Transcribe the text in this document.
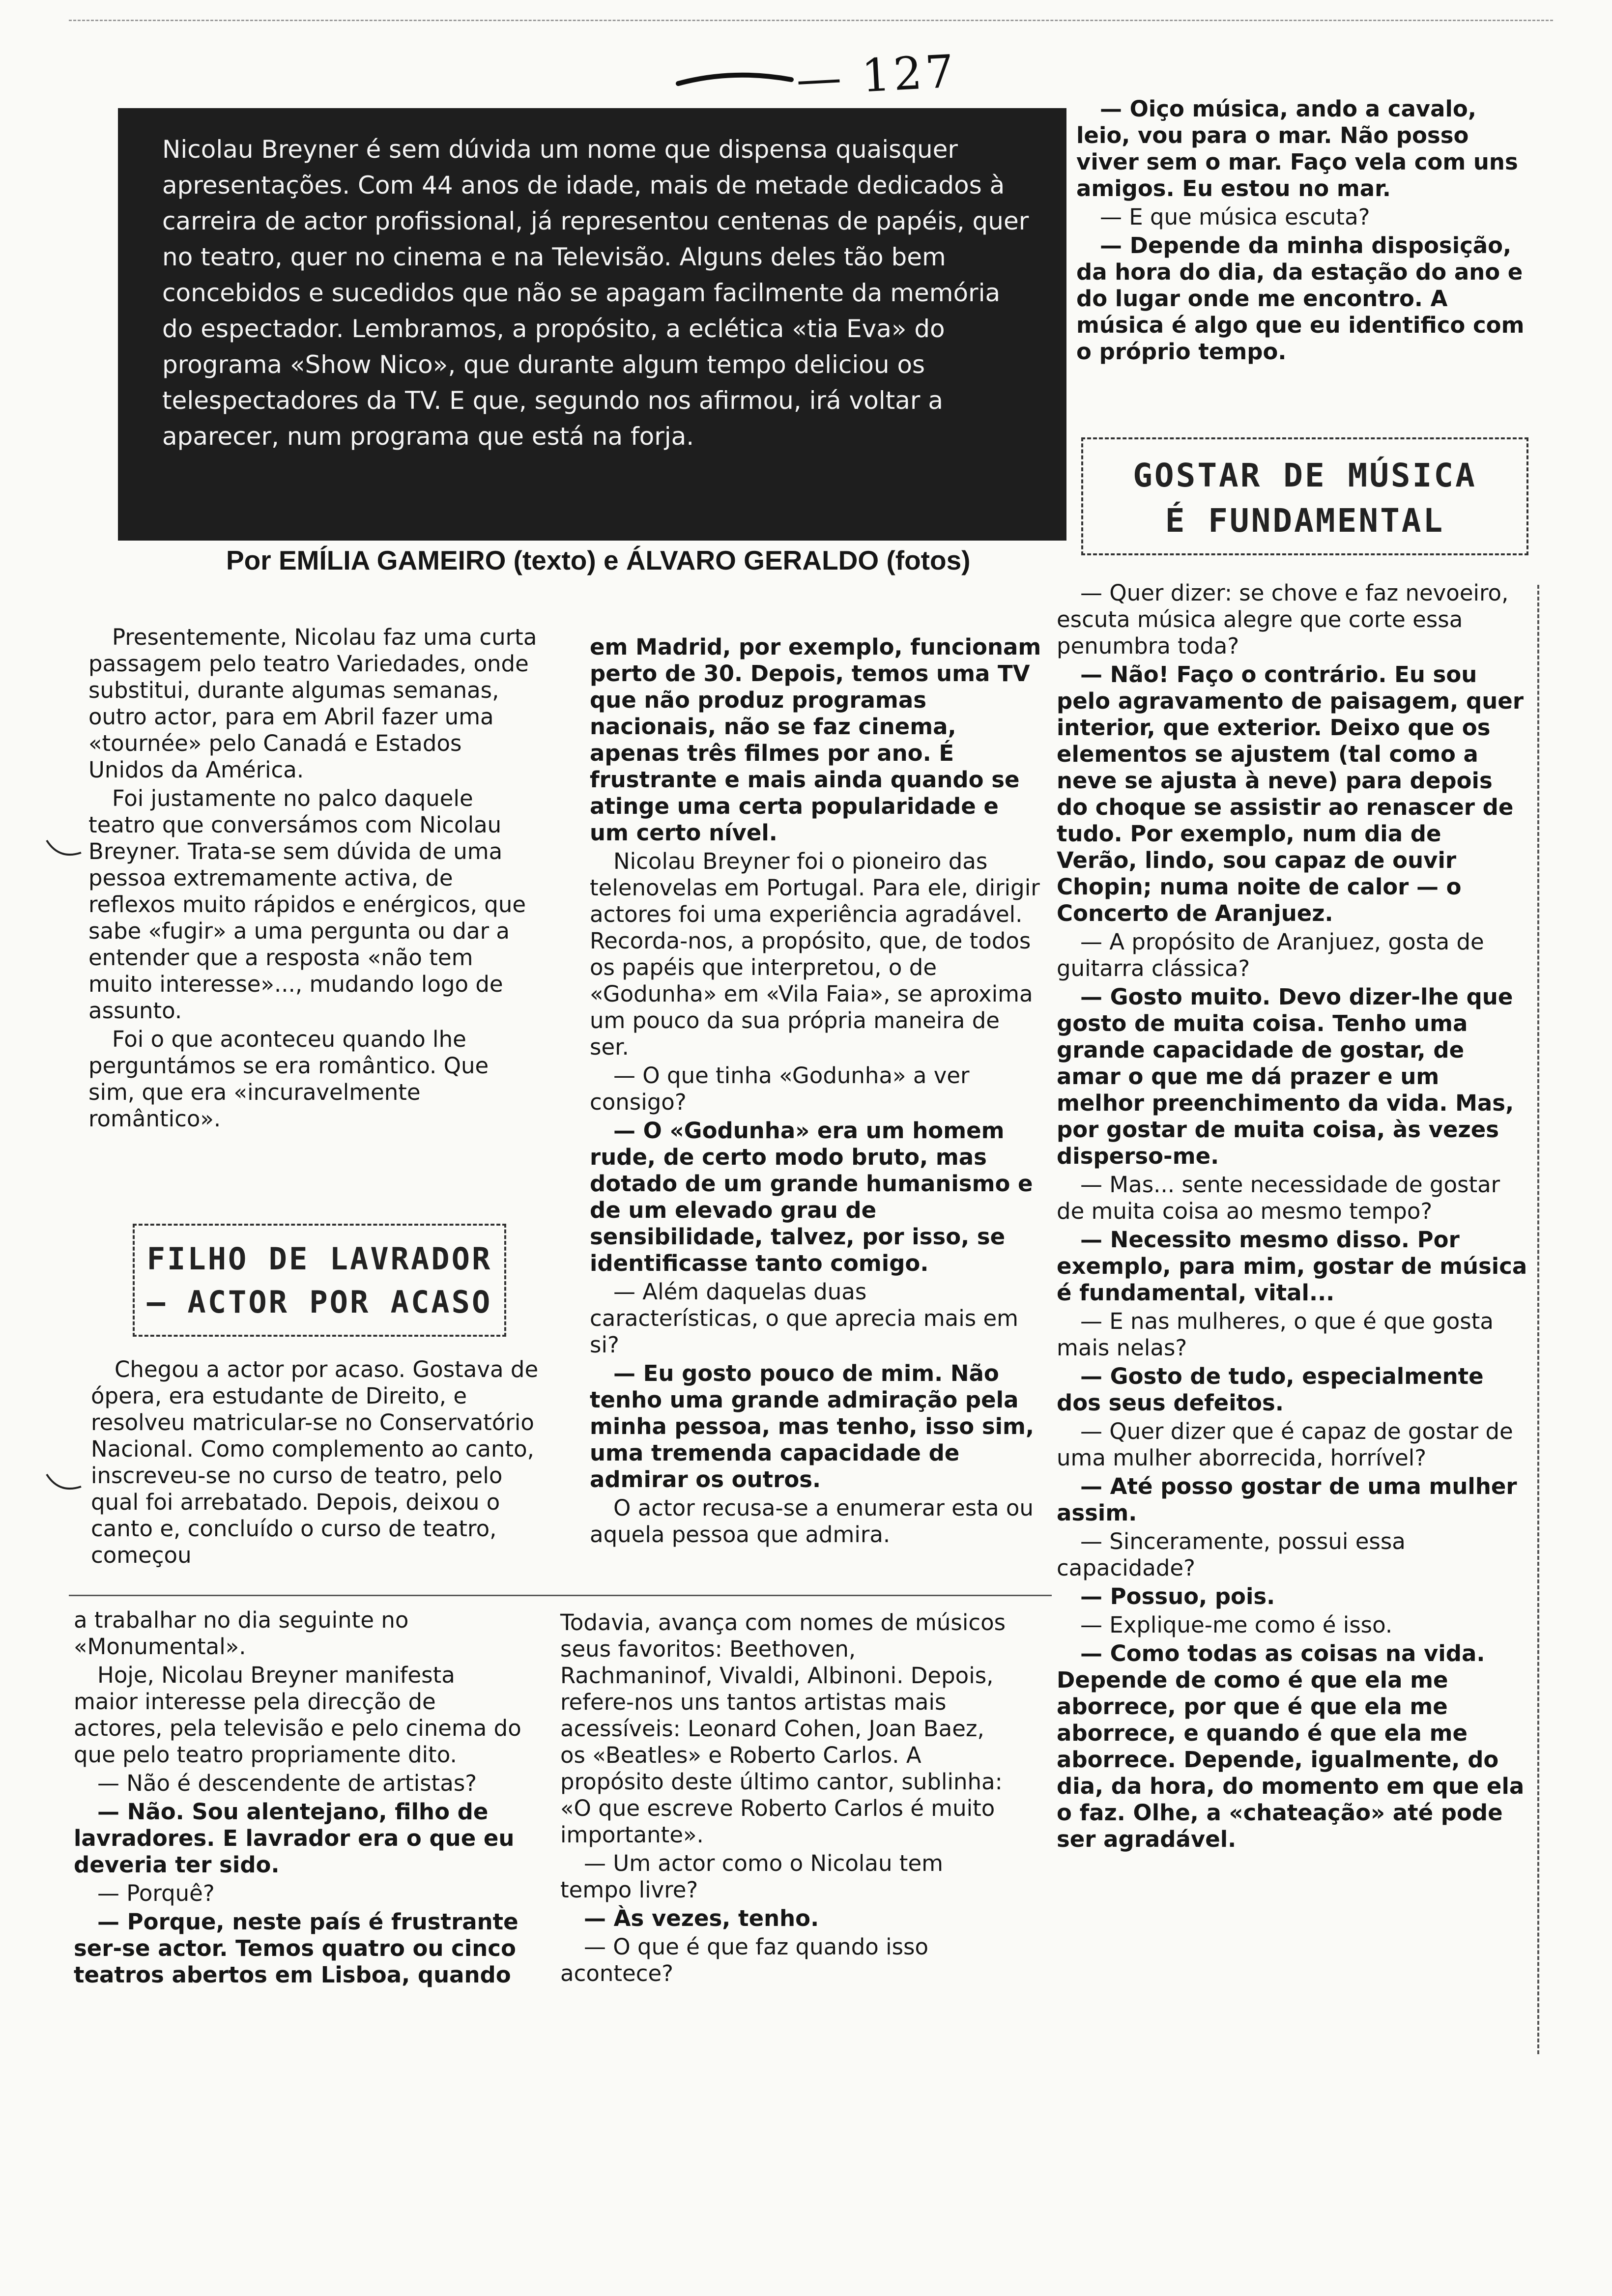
— 127

Nicolau Breyner é sem dúvida um nome que dispensa quaisquer apresentações. Com 44 anos de idade, mais de metade dedicados à carreira de actor profissional, já representou centenas de papéis, quer no teatro, quer no cinema e na Televisão. Alguns deles tão bem concebidos e sucedidos que não se apagam facilmente da memória do espectador. Lembramos, a propósito, a eclética «tia Eva» do programa «Show Nico», que durante algum tempo deliciou os telespectadores da TV. E que, segundo nos afirmou, irá voltar a aparecer, num programa que está na forja.

Por EMÍLIA GAMEIRO (texto) e ÁLVARO GERALDO (fotos)

Presentemente, Nicolau faz uma curta passagem pelo teatro Variedades, onde substitui, durante algumas semanas, outro actor, para em Abril fazer uma «tournée» pelo Canadá e Estados Unidos da América.

Foi justamente no palco daquele teatro que conversámos com Nicolau Breyner. Trata-se sem dúvida de uma pessoa extremamente activa, de reflexos muito rápidos e enérgicos, que sabe «fugir» a uma pergunta ou dar a entender que a resposta «não tem muito interesse»..., mudando logo de assunto.

Foi o que aconteceu quando lhe perguntámos se era romântico. Que sim, que era «incuravelmente romântico».

FILHO DE LAVRADOR
– ACTOR POR ACASO

Chegou a actor por acaso. Gostava de ópera, era estudante de Direito, e resolveu matricular-se no Conservatório Nacional. Como complemento ao canto, inscreveu-se no curso de teatro, pelo qual foi arrebatado. Depois, deixou o canto e, concluído o curso de teatro, começou

a trabalhar no dia seguinte no «Monumental».

Hoje, Nicolau Breyner manifesta maior interesse pela direcção de actores, pela televisão e pelo cinema do que pelo teatro propriamente dito.

— Não é descendente de artistas?

— Não. Sou alentejano, filho de lavradores. E lavrador era o que eu deveria ter sido.

— Porquê?

— Porque, neste país é frustrante ser-se actor. Temos quatro ou cinco teatros abertos em Lisboa, quando

em Madrid, por exemplo, funcionam perto de 30. Depois, temos uma TV que não produz programas nacionais, não se faz cinema, apenas três filmes por ano. É frustrante e mais ainda quando se atinge uma certa popularidade e um certo nível.

Nicolau Breyner foi o pioneiro das telenovelas em Portugal. Para ele, dirigir actores foi uma experiência agradável. Recorda-nos, a propósito, que, de todos os papéis que interpretou, o de «Godunha» em «Vila Faia», se aproxima um pouco da sua própria maneira de ser.

— O que tinha «Godunha» a ver consigo?

— O «Godunha» era um homem rude, de certo modo bruto, mas dotado de um grande humanismo e de um elevado grau de sensibilidade, talvez, por isso, se identificasse tanto comigo.

— Além daquelas duas características, o que aprecia mais em si?

— Eu gosto pouco de mim. Não tenho uma grande admiração pela minha pessoa, mas tenho, isso sim, uma tremenda capacidade de admirar os outros.

O actor recusa-se a enumerar esta ou aquela pessoa que admira.

Todavia, avança com nomes de músicos seus favoritos: Beethoven, Rachmaninof, Vivaldi, Albinoni. Depois, refere-nos uns tantos artistas mais acessíveis: Leonard Cohen, Joan Baez, os «Beatles» e Roberto Carlos. A propósito deste último cantor, sublinha: «O que escreve Roberto Carlos é muito importante».

— Um actor como o Nicolau tem tempo livre?

— Às vezes, tenho.

— O que é que faz quando isso acontece?

— Oiço música, ando a cavalo, leio, vou para o mar. Não posso viver sem o mar. Faço vela com uns amigos. Eu estou no mar.

— E que música escuta?

— Depende da minha disposição, da hora do dia, da estação do ano e do lugar onde me encontro. A música é algo que eu identifico com o próprio tempo.

GOSTAR DE MÚSICA
É FUNDAMENTAL

— Quer dizer: se chove e faz nevoeiro, escuta música alegre que corte essa penumbra toda?

— Não! Faço o contrário. Eu sou pelo agravamento de paisagem, quer interior, que exterior. Deixo que os elementos se ajustem (tal como a neve se ajusta à neve) para depois do choque se assistir ao renascer de tudo. Por exemplo, num dia de Verão, lindo, sou capaz de ouvir Chopin; numa noite de calor — o Concerto de Aranjuez.

— A propósito de Aranjuez, gosta de guitarra clássica?

— Gosto muito. Devo dizer-lhe que gosto de muita coisa. Tenho uma grande capacidade de gostar, de amar o que me dá prazer e um melhor preenchimento da vida. Mas, por gostar de muita coisa, às vezes disperso-me.

— Mas... sente necessidade de gostar de muita coisa ao mesmo tempo?

— Necessito mesmo disso. Por exemplo, para mim, gostar de música é fundamental, vital...

— E nas mulheres, o que é que gosta mais nelas?

— Gosto de tudo, especialmente dos seus defeitos.

— Quer dizer que é capaz de gostar de uma mulher aborrecida, horrível?

— Até posso gostar de uma mulher assim.

— Sinceramente, possui essa capacidade?

— Possuo, pois.

— Explique-me como é isso.

— Como todas as coisas na vida. Depende de como é que ela me aborrece, por que é que ela me aborrece, e quando é que ela me aborrece. Depende, igualmente, do dia, da hora, do momento em que ela o faz. Olhe, a «chateação» até pode ser agradável.
